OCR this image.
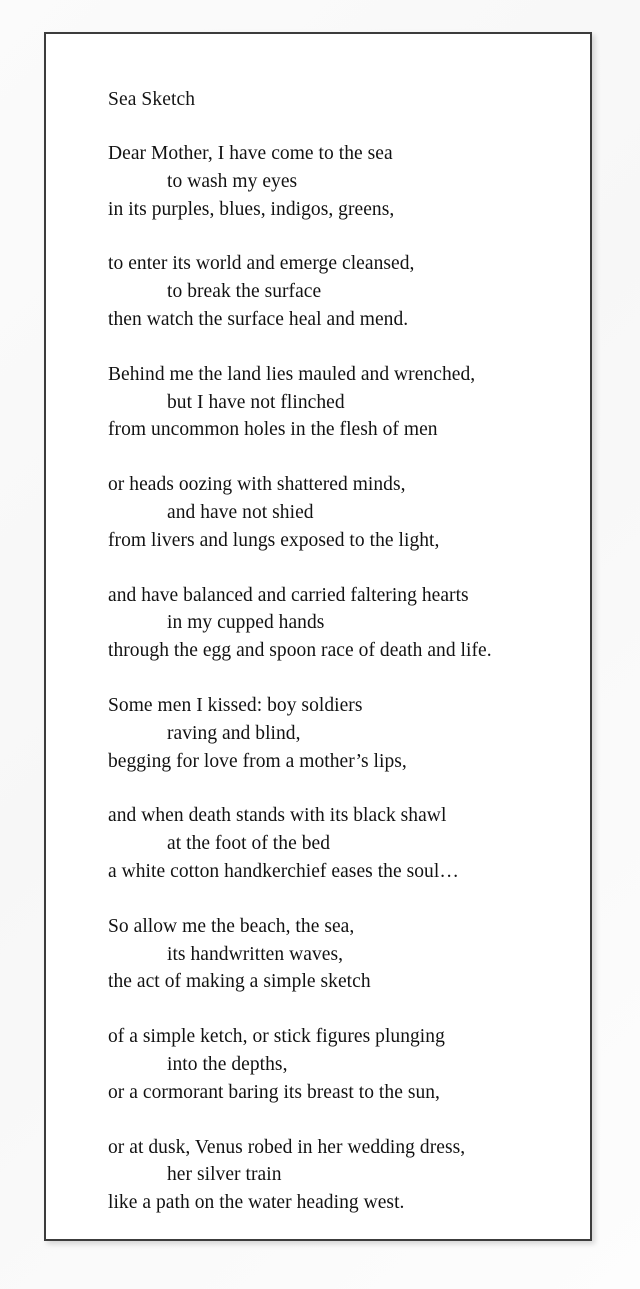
Sea Sketch
Dear Mother, I have come to the sea
to wash my eyes
in its purples, blues, indigos, greens,
to enter its world and emerge cleansed,
to break the surface
then watch the surface heal and mend.
Behind me the land lies mauled and wrenched,
but I have not flinched
from uncommon holes in the flesh of men
or heads oozing with shattered minds,
and have not shied
from livers and lungs exposed to the light,
and have balanced and carried faltering hearts
in my cupped hands
through the egg and spoon race of death and life.
Some men I kissed: boy soldiers
raving and blind,
begging for love from a mother’s lips,
and when death stands with its black shawl
at the foot of the bed
a white cotton handkerchief eases the soul…
So allow me the beach, the sea,
its handwritten waves,
the act of making a simple sketch
of a simple ketch, or stick figures plunging
into the depths,
or a cormorant baring its breast to the sun,
or at dusk, Venus robed in her wedding dress,
her silver train
like a path on the water heading west.
